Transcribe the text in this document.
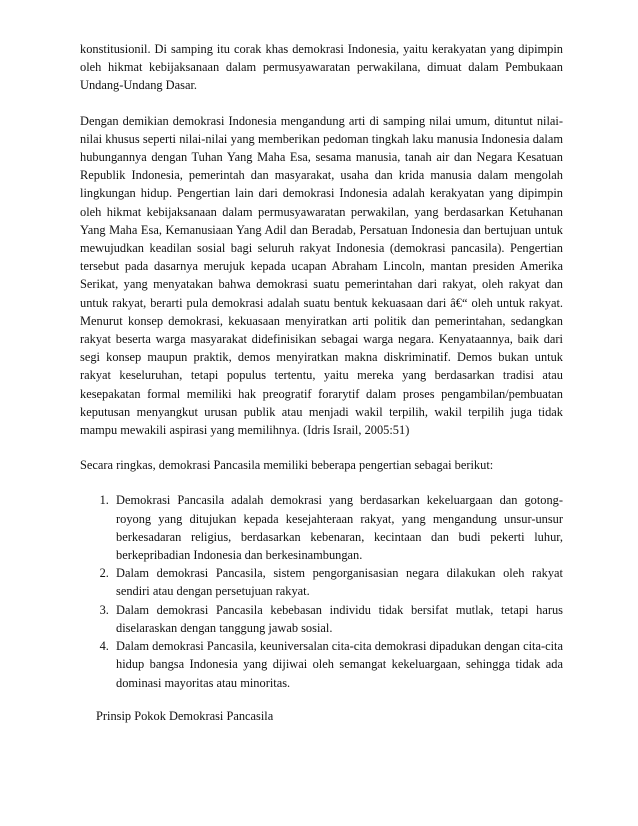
konstitusionil. Di samping itu corak khas demokrasi Indonesia, yaitu kerakyatan yang dipimpin oleh hikmat kebijaksanaan dalam permusyawaratan perwakilana, dimuat dalam Pembukaan Undang-Undang Dasar.

Dengan demikian demokrasi Indonesia mengandung arti di samping nilai umum, dituntut nilai-nilai khusus seperti nilai-nilai yang memberikan pedoman tingkah laku manusia Indonesia dalam hubungannya dengan Tuhan Yang Maha Esa, sesama manusia, tanah air dan Negara Kesatuan Republik Indonesia, pemerintah dan masyarakat, usaha dan krida manusia dalam mengolah lingkungan hidup. Pengertian lain dari demokrasi Indonesia adalah kerakyatan yang dipimpin oleh hikmat kebijaksanaan dalam permusyawaratan perwakilan, yang berdasarkan Ketuhanan Yang Maha Esa, Kemanusiaan Yang Adil dan Beradab, Persatuan Indonesia dan bertujuan untuk mewujudkan keadilan sosial bagi seluruh rakyat Indonesia (demokrasi pancasila). Pengertian tersebut pada dasarnya merujuk kepada ucapan Abraham Lincoln, mantan presiden Amerika Serikat, yang menyatakan bahwa demokrasi suatu pemerintahan dari rakyat, oleh rakyat dan untuk rakyat, berarti pula demokrasi adalah suatu bentuk kekuasaan dari â€“ oleh untuk rakyat. Menurut konsep demokrasi, kekuasaan menyiratkan arti politik dan pemerintahan, sedangkan rakyat beserta warga masyarakat didefinisikan sebagai warga negara. Kenyataannya, baik dari segi konsep maupun praktik, demos menyiratkan makna diskriminatif. Demos bukan untuk rakyat keseluruhan, tetapi populus tertentu, yaitu mereka yang berdasarkan tradisi atau kesepakatan formal memiliki hak preogratif forarytif dalam proses pengambilan/pembuatan keputusan menyangkut urusan publik atau menjadi wakil terpilih, wakil terpilih juga tidak mampu mewakili aspirasi yang memilihnya. (Idris Israil, 2005:51)

Secara ringkas, demokrasi Pancasila memiliki beberapa pengertian sebagai berikut:

1. Demokrasi Pancasila adalah demokrasi yang berdasarkan kekeluargaan dan gotong-royong yang ditujukan kepada kesejahteraan rakyat, yang mengandung unsur-unsur berkesadaran religius, berdasarkan kebenaran, kecintaan dan budi pekerti luhur, berkepribadian Indonesia dan berkesinambungan.
2. Dalam demokrasi Pancasila, sistem pengorganisasian negara dilakukan oleh rakyat sendiri atau dengan persetujuan rakyat.
3. Dalam demokrasi Pancasila kebebasan individu tidak bersifat mutlak, tetapi harus diselaraskan dengan tanggung jawab sosial.
4. Dalam demokrasi Pancasila, keuniversalan cita-cita demokrasi dipadukan dengan cita-cita hidup bangsa Indonesia yang dijiwai oleh semangat kekeluargaan, sehingga tidak ada dominasi mayoritas atau minoritas.
Prinsip Pokok Demokrasi Pancasila
